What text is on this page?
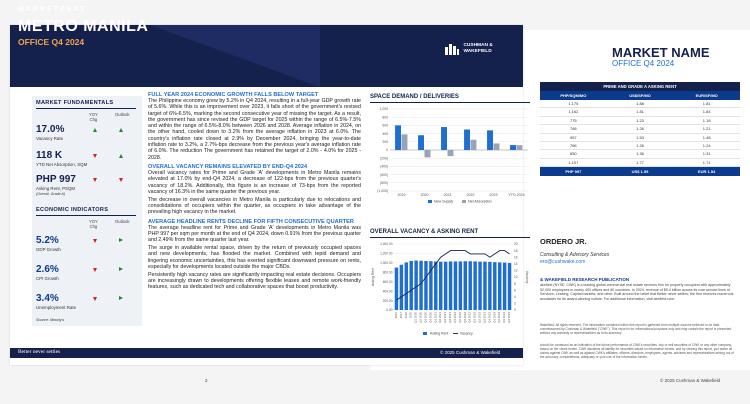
MARKET NAME
OFFICE Q4 2024
PRIME AND GRADE A ASKING RENT
PHP/SQM/MO	US$/SF/MO	EUR/SF/MO
1,175	1.88	1.81
1,162	1.81	1.84
775	1.23	1.18
766	1.26	1.21
957	1.53	1.48
766	1.26	1.24
850	1.36	1.31
1,107	1.77	1.71
PHP 997	US$ 1.59	EUR 1.54
ORDERO JR.
Consulting & Advisory Services
ero@cushwake.com
& WAKEFIELD RESEARCH PUBLICATION
akefield (NYSE: CWK) is a leading global commercial real estate services firm for property occupiers with approximately 52,000 employees in nearly 400 offices and 60 countries. In 2024, revenue of $9.4 billion across its core service lines of Services, Leasing, Capital markets, and other. Built around the belief that Better never settles, the firm receives numerous accolades for its award-winning culture. For additional information, visit akefield.com.
Wakefield. All rights reserved. The information contained within this report is gathered from multiple sources believed to be data commissioned by Cushman & Wakefield ("CWK"). This report is for informational purposes only and may contain the report is presented without any warranty or representations as to its accuracy.
should be construed as an indication of the future performance of CWK's securities. buy or sell securities of CWK or any other company, based on the views herein. CWK disclaims all liability for securities based on information herein, and by viewing this report, you waive all claims against CWK as well as against CWK's affiliates, officers, directors, employees, agents, advisers and representatives arising out of the accuracy, completeness, adequacy or your use of the information herein.
© 2025 Cushman & Wakefield
2
MARKETBEAT
METRO MANILA
OFFICE Q4 2024	CUSHMAN &
WAKEFIELD
MARKET FUNDAMENTALS
YOY
Chg
Outlook
17.0%
Vacancy Rate
118 K
YTD Net Absorption, SQM
PHP 997
Asking Rent, PSQM
(Overall, Grade A)
ECONOMIC INDICATORS
YOY
Chg
Outlook
5.2%
GDP Growth
2.6%
CPI Growth
3.4%
Unemployment Rate
Source: Moody's
FULL YEAR 2024 ECONOMIC GROWTH FALLS BELOW TARGET
The Philippine economy grew by 5.2% in Q4 2024, resulting in a full-year GDP growth rate of 5.6%. While this is an improvement over 2023, it falls short of the government's revised target of 6%-6.5%, marking the second consecutive year of missing the target. As a result, the government has since revised the GDP target for 2025 within the range of 6.5%-7.5% and within the range of 6.5%-8.0% between 2026 and 2028. Average inflation in 2024, on the other hand, cooled down to 3.2% from the average inflation in 2023 at 6.0%. The country's inflation rate closed at 2.9% by December 2024, bringing the year-to-date inflation rate to 3.2%, a 2.7%-bps decrease from the previous year's average inflation rate of 6.0%. The reduction The government has retained the target of 2.0% - 4.0% for 2025 - 2028.
OVERALL VACANCY REMAINS ELEVATED BY END-Q4 2024
Overall vacancy rates for Prime and Grade 'A' developments in Metro Manila remains elevated at 17.0% by end-Q4 2024, a decrease of 122-bps from the previous quarter's vacancy of 18.2%. Additionally, this figure is an increase of 73-bps from the reported vacancy of 16.3% in the same quarter the previous year.
The decrease in overall vacancies in Metro Manila is particularly due to relocations and consolidations of occupiers within the quarter, as occupiers in take advantage of the prevailing high vacancy in the market.
AVERAGE HEADLINE RENTS DECLINE FOR FIFTH CONSECUTIVE QUARTER
The average headline rent for Prime and Grade 'A' developments in Metro Manila was PHP 997 per sqm per month at the end of Q4 2024, down 0.91% from the previous quarter and 2.49% from the same quarter last year.
The surge in available rental space, driven by the return of previously occupied spaces and new developments, has flooded the market. Combined with tepid demand and lingering economic uncertainties, this has exerted significant downward pressure on rents, especially for developments located outside the major CBDs.
Persistently high vacancy rates are significantly impacting real estate decisions. Occupiers are increasingly drawn to developments offering flexible leases and remote work-friendly features, such as dedicated tech and collaborative spaces that boost productivity.
SPACE DEMAND / DELIVERIES
1,000
800
600
400
200
0
(200)
(400)
(600)
(800)
(1,000)
2019	2020	2021	2022	2023	YTD 2024
New Supply	Net Absorption
OVERALL VACANCY & ASKING RENT
1,400.00
1,200.00
1,000.00
800.00
600.00
400.00
200.00
0.00
20
18
16
14
12
10
8
6
4
2
0
Asking Rent	Vacancy
2016 2017 2018 2019 Q1 2020 Q2 2020 Q3 2020 Q4 2020 Q1 2021 Q2 2021 Q3 2021 Q4 2021 Q1 2022 Q2 2022 Q3 2022 Q4 2022 Q1 2023 Q2 2023 Q3 2023 Q4 2023 Q1 2024 Q2 2024 Q3 2024 Q4 2024
Asking Rent	Vacancy
Better never settles	© 2025 Cushman & Wakefield
